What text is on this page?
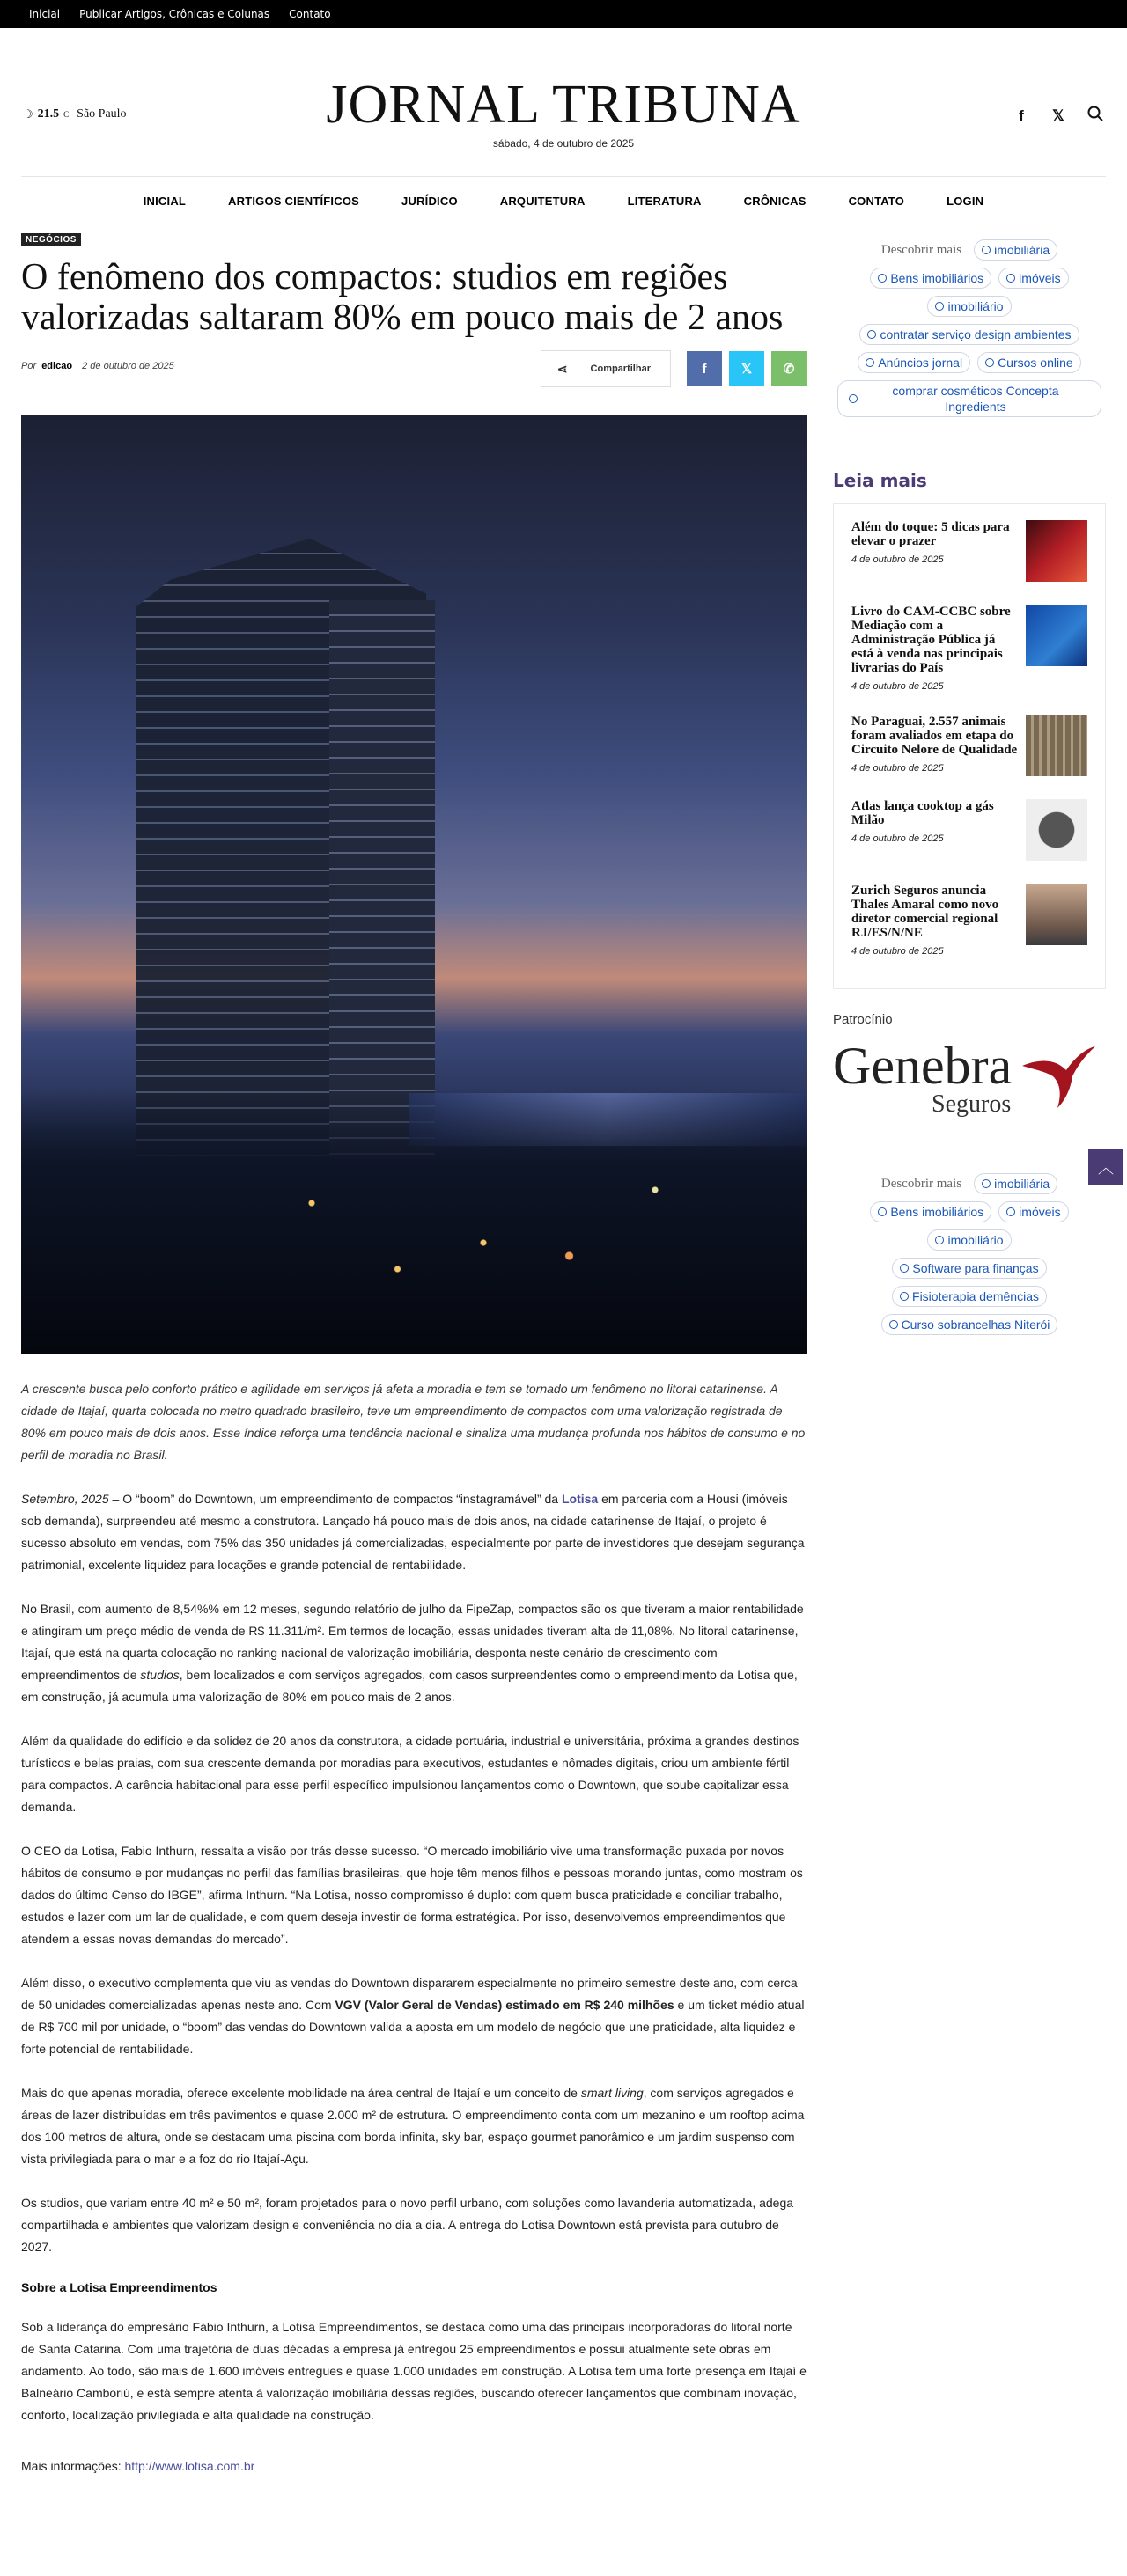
Inicial Publicar Artigos, Crônicas e Colunas Contato
☽ 21.5 C São Paulo	JORNAL TRIBUNA
sábado, 4 de outubro de 2025
f	𝕏
INICIAL	ARTIGOS CIENTÍFICOS	JURÍDICO	ARQUITETURA	LITERATURA	CRÔNICAS	CONTATO	LOGIN
NEGÓCIOS
O fenômeno dos compactos: studios em regiões valorizadas saltaram 80% em pouco mais de 2 anos
Por edicao 2 de outubro de 2025	⋖ Compartilhar	f	𝕏 ✆

A crescente busca pelo conforto prático e agilidade em serviços já afeta a moradia e tem se tornado um fenômeno no litoral catarinense. A cidade de Itajaí, quarta colocada no metro quadrado brasileiro, teve um empreendimento de compactos com uma valorização registrada de 80% em pouco mais de dois anos. Esse índice reforça uma tendência nacional e sinaliza uma mudança profunda nos hábitos de consumo e no perfil de moradia no Brasil.

Setembro, 2025 – O “boom” do Downtown, um empreendimento de compactos “instagramável” da Lotisa em parceria com a Housi (imóveis sob demanda), surpreendeu até mesmo a construtora. Lançado há pouco mais de dois anos, na cidade catarinense de Itajaí, o projeto é sucesso absoluto em vendas, com 75% das 350 unidades já comercializadas, especialmente por parte de investidores que desejam segurança patrimonial, excelente liquidez para locações e grande potencial de rentabilidade.

No Brasil, com aumento de 8,54%% em 12 meses, segundo relatório de julho da FipeZap, compactos são os que tiveram a maior rentabilidade e atingiram um preço médio de venda de R$ 11.311/m². Em termos de locação, essas unidades tiveram alta de 11,08%. No litoral catarinense, Itajaí, que está na quarta colocação no ranking nacional de valorização imobiliária, desponta neste cenário de crescimento com empreendimentos de studios, bem localizados e com serviços agregados, com casos surpreendentes como o empreendimento da Lotisa que, em construção, já acumula uma valorização de 80% em pouco mais de 2 anos.

Além da qualidade do edifício e da solidez de 20 anos da construtora, a cidade portuária, industrial e universitária, próxima a grandes destinos turísticos e belas praias, com sua crescente demanda por moradias para executivos, estudantes e nômades digitais, criou um ambiente fértil para compactos. A carência habitacional para esse perfil específico impulsionou lançamentos como o Downtown, que soube capitalizar essa demanda.

O CEO da Lotisa, Fabio Inthurn, ressalta a visão por trás desse sucesso. “O mercado imobiliário vive uma transformação puxada por novos hábitos de consumo e por mudanças no perfil das famílias brasileiras, que hoje têm menos filhos e pessoas morando juntas, como mostram os dados do último Censo do IBGE”, afirma Inthurn. “Na Lotisa, nosso compromisso é duplo: com quem busca praticidade e conciliar trabalho, estudos e lazer com um lar de qualidade, e com quem deseja investir de forma estratégica. Por isso, desenvolvemos empreendimentos que atendem a essas novas demandas do mercado”.

Além disso, o executivo complementa que viu as vendas do Downtown dispararem especialmente no primeiro semestre deste ano, com cerca de 50 unidades comercializadas apenas neste ano. Com VGV (Valor Geral de Vendas) estimado em R$ 240 milhões e um ticket médio atual de R$ 700 mil por unidade, o “boom” das vendas do Downtown valida a aposta em um modelo de negócio que une praticidade, alta liquidez e forte potencial de rentabilidade.

Mais do que apenas moradia, oferece excelente mobilidade na área central de Itajaí e um conceito de smart living, com serviços agregados e áreas de lazer distribuídas em três pavimentos e quase 2.000 m² de estrutura. O empreendimento conta com um mezanino e um rooftop acima dos 100 metros de altura, onde se destacam uma piscina com borda infinita, sky bar, espaço gourmet panorâmico e um jardim suspenso com vista privilegiada para o mar e a foz do rio Itajaí-Açu.

Os studios, que variam entre 40 m² e 50 m², foram projetados para o novo perfil urbano, com soluções como lavanderia automatizada, adega compartilhada e ambientes que valorizam design e conveniência no dia a dia. A entrega do Lotisa Downtown está prevista para outubro de 2027.

Sobre a Lotisa Empreendimentos

Sob a liderança do empresário Fábio Inthurn, a Lotisa Empreendimentos, se destaca como uma das principais incorporadoras do litoral norte de Santa Catarina. Com uma trajetória de duas décadas a empresa já entregou 25 empreendimentos e possui atualmente sete obras em andamento. Ao todo, são mais de 1.600 imóveis entregues e quase 1.000 unidades em construção. A Lotisa tem uma forte presença em Itajaí e Balneário Camboriú, e está sempre atenta à valorização imobiliária dessas regiões, buscando oferecer lançamentos que combinam inovação, conforto, localização privilegiada e alta qualidade na construção.

Mais informações: http://www.lotisa.com.br

Descobrir mais	imobiliária
Bens imobiliários	imóveis
imobiliário
contratar serviço design ambientes
Anúncios jornal	Cursos online
comprar cosméticos Concepta Ingredients
Leia mais
Além do toque: 5 dicas para elevar o prazer
4 de outubro de 2025
Livro do CAM-CCBC sobre Mediação com a Administração Pública já está à venda nas principais livrarias do País
4 de outubro de 2025
No Paraguai, 2.557 animais foram avaliados em etapa do Circuito Nelore de Qualidade
4 de outubro de 2025
Atlas lança cooktop a gás Milão
4 de outubro de 2025
Zurich Seguros anuncia Thales Amaral como novo diretor comercial regional RJ/ES/N/NE
4 de outubro de 2025
Patrocínio
Genebra
Seguros
Descobrir mais	imobiliária
Bens imobiliários	imóveis
imobiliário
Software para finanças
Fisioterapia demências
Curso sobrancelhas Niterói
︿
